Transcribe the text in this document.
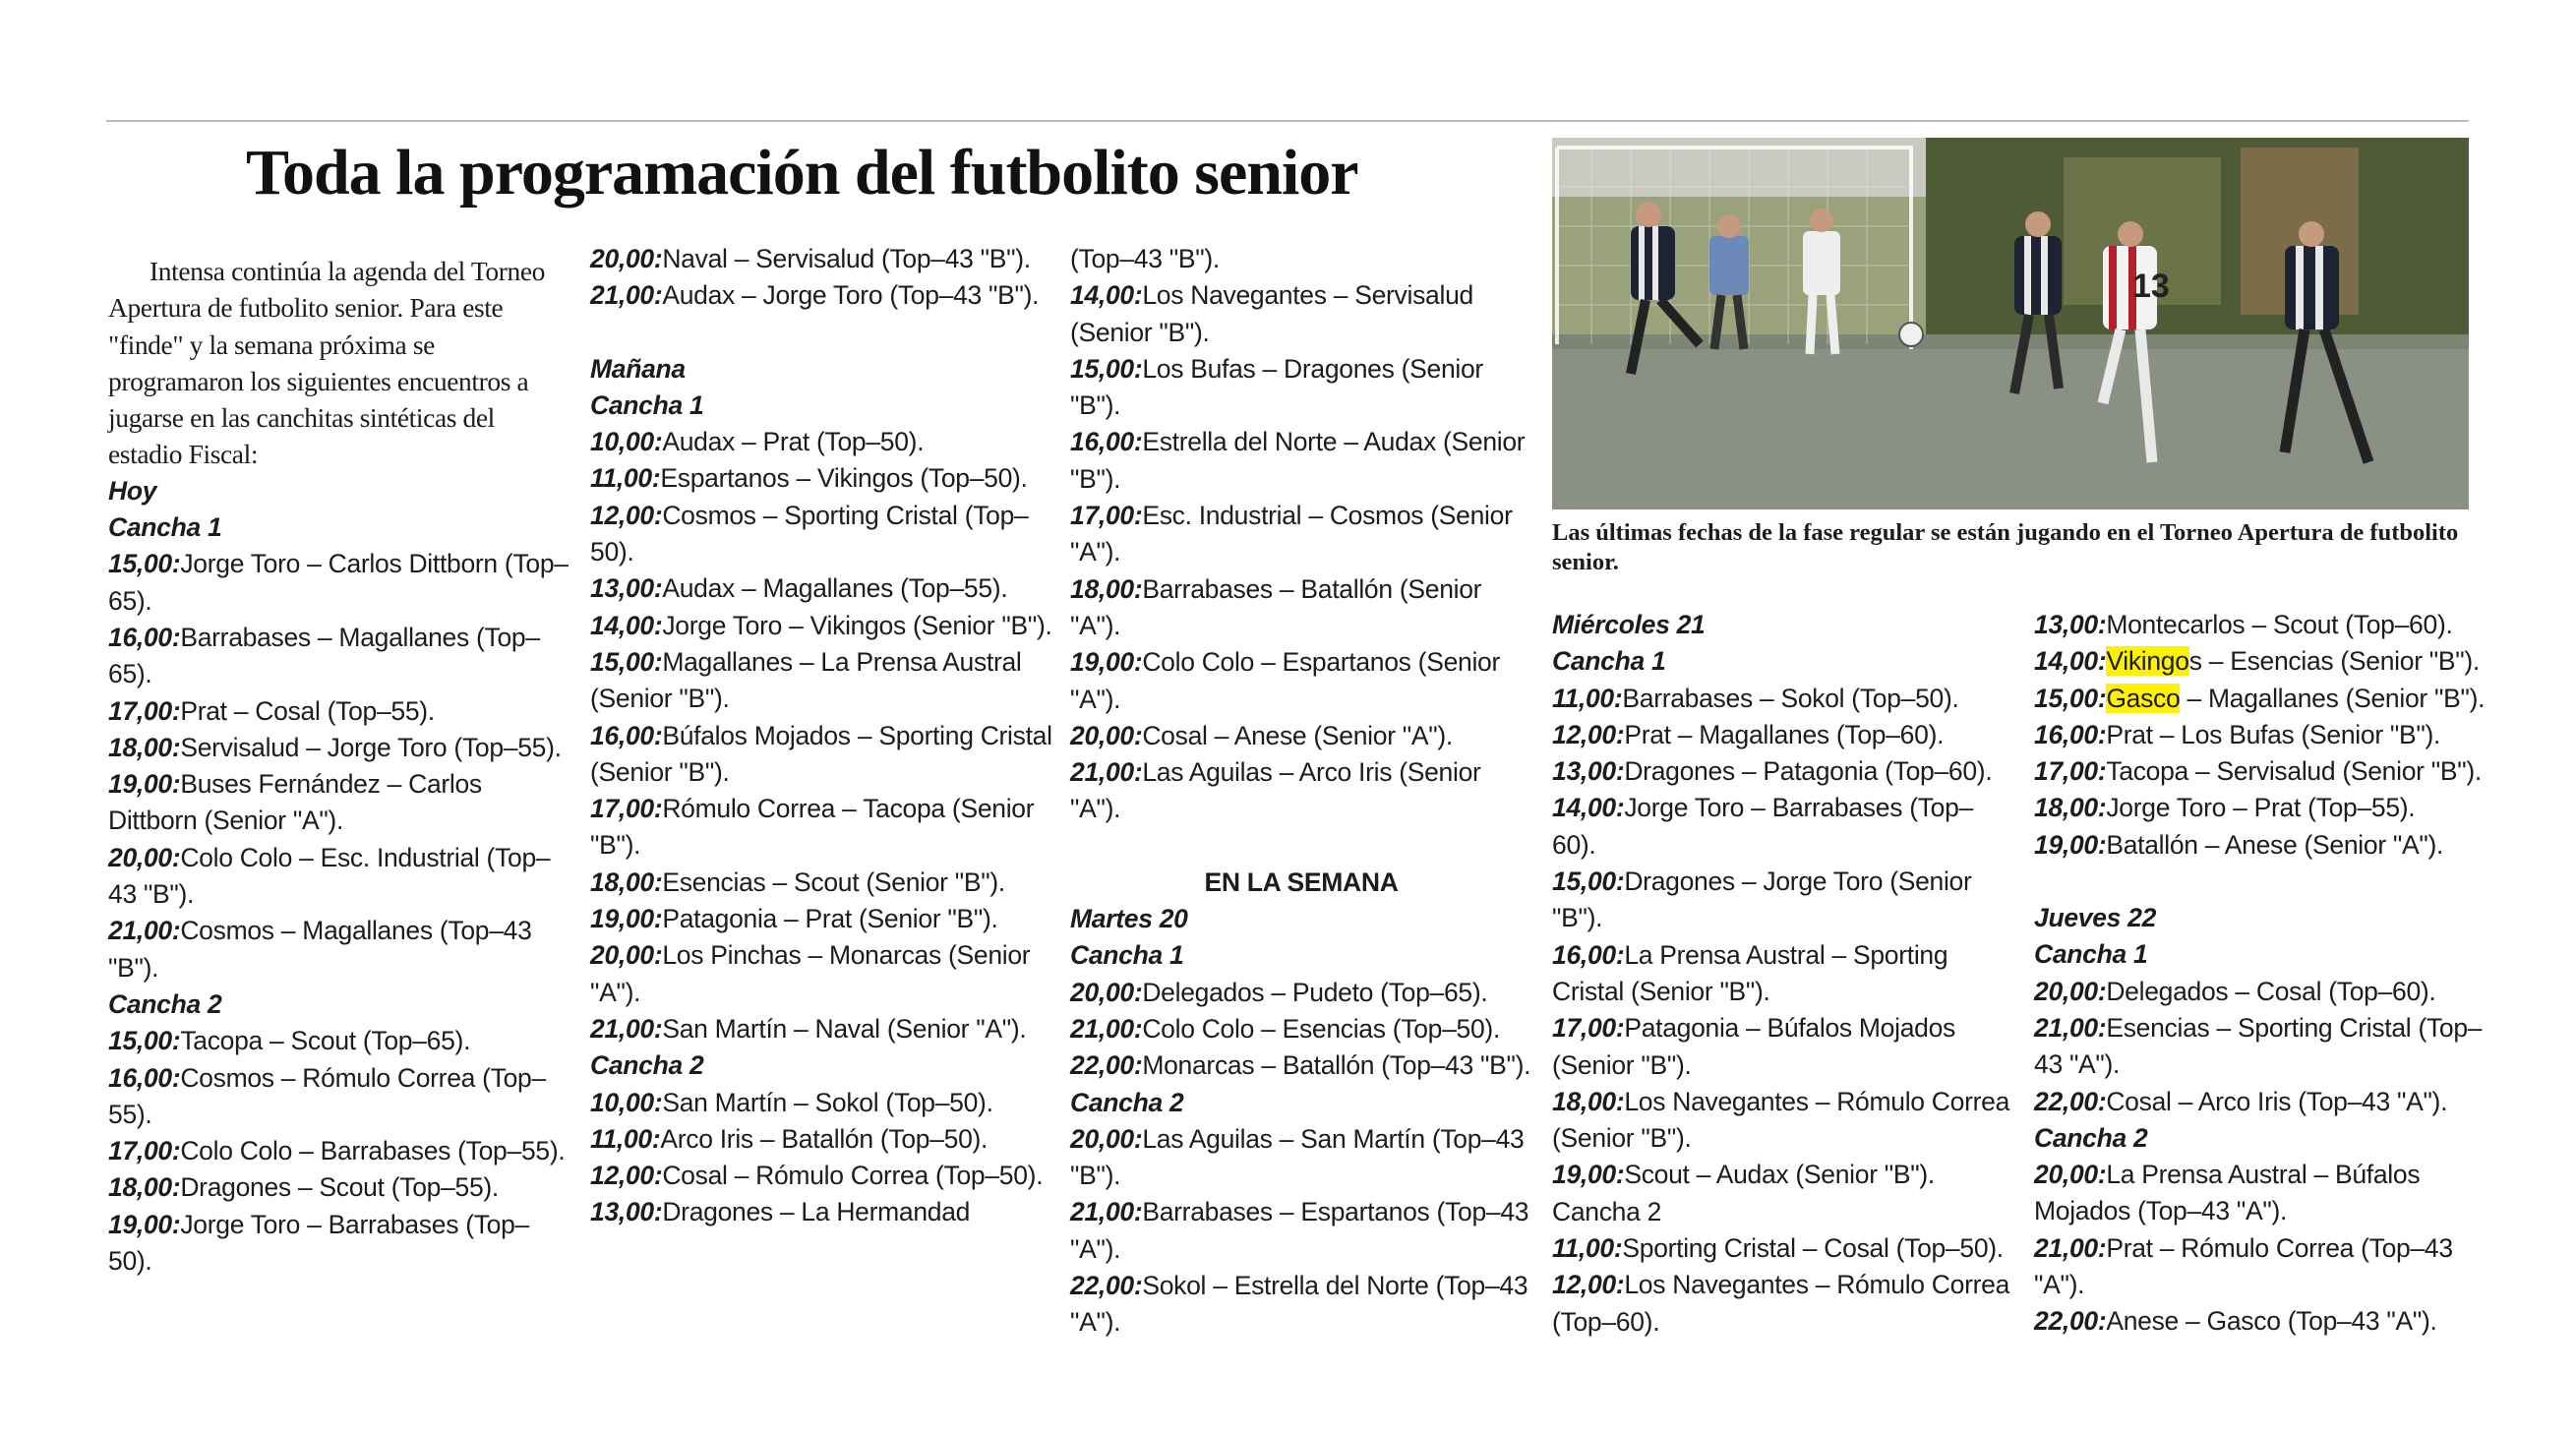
Toda la programación del futbolito senior

Intensa continúa la agenda del Torneo Apertura de futbolito senior. Para este "finde" y la semana próxima se programaron los siguientes encuentros a jugarse en las canchitas sintéticas del estadio Fiscal:

Hoy

Cancha 1

15,00:Jorge Toro – Carlos Dittborn (Top–65).

16,00:Barrabases – Magallanes (Top–65).

17,00:Prat – Cosal (Top–55).

18,00:Servisalud – Jorge Toro (Top–55).

19,00:Buses Fernández – Carlos Dittborn (Senior "A").

20,00:Colo Colo – Esc. Industrial (Top–43 "B").

21,00:Cosmos – Magallanes (Top–43 "B").

Cancha 2

15,00:Tacopa – Scout (Top–65).

16,00:Cosmos – Rómulo Correa (Top–55).

17,00:Colo Colo – Barrabases (Top–55).

18,00:Dragones – Scout (Top–55).

19,00:Jorge Toro – Barrabases (Top–50).

20,00:Naval – Servisalud (Top–43 "B").

21,00:Audax – Jorge Toro (Top–43 "B").

Mañana

Cancha 1

10,00:Audax – Prat (Top–50).

11,00:Espartanos – Vikingos (Top–50).

12,00:Cosmos – Sporting Cristal (Top–50).

13,00:Audax – Magallanes (Top–55).

14,00:Jorge Toro – Vikingos (Senior "B").

15,00:Magallanes – La Prensa Austral (Senior "B").

16,00:Búfalos Mojados – Sporting Cristal (Senior "B").

17,00:Rómulo Correa – Tacopa (Senior "B").

18,00:Esencias – Scout (Senior "B").

19,00:Patagonia – Prat (Senior "B").

20,00:Los Pinchas – Monarcas (Senior "A").

21,00:San Martín – Naval (Senior "A").

Cancha 2

10,00:San Martín – Sokol (Top–50).

11,00:Arco Iris – Batallón (Top–50).

12,00:Cosal – Rómulo Correa (Top–50).

13,00:Dragones – La Hermandad

(Top–43 "B").

14,00:Los Navegantes – Servisalud (Senior "B").

15,00:Los Bufas – Dragones (Senior "B").

16,00:Estrella del Norte – Audax (Senior "B").

17,00:Esc. Industrial – Cosmos (Senior "A").

18,00:Barrabases – Batallón (Senior "A").

19,00:Colo Colo – Espartanos (Senior "A").

20,00:Cosal – Anese (Senior "A").

21,00:Las Aguilas – Arco Iris (Senior "A").

EN LA SEMANA

Martes 20

Cancha 1

20,00:Delegados – Pudeto (Top–65).

21,00:Colo Colo – Esencias (Top–50).

22,00:Monarcas – Batallón (Top–43 "B").

Cancha 2

20,00:Las Aguilas – San Martín (Top–43 "B").

21,00:Barrabases – Espartanos (Top–43 "A").

22,00:Sokol – Estrella del Norte (Top–43 "A").

13

Las últimas fechas de la fase regular se están jugando en el Torneo Apertura de futbolito senior.

Miércoles 21

Cancha 1

11,00:Barrabases – Sokol (Top–50).

12,00:Prat – Magallanes (Top–60).

13,00:Dragones – Patagonia (Top–60).

14,00:Jorge Toro – Barrabases (Top–60).

15,00:Dragones – Jorge Toro (Senior "B").

16,00:La Prensa Austral – Sporting Cristal (Senior "B").

17,00:Patagonia – Búfalos Mojados (Senior "B").

18,00:Los Navegantes – Rómulo Correa (Senior "B").

19,00:Scout – Audax (Senior "B").

Cancha 2

11,00:Sporting Cristal – Cosal (Top–50).

12,00:Los Navegantes – Rómulo Correa (Top–60).

13,00:Montecarlos – Scout (Top–60).

14,00:Vikingos – Esencias (Senior "B").

15,00:Gasco – Magallanes (Senior "B").

16,00:Prat – Los Bufas (Senior "B").

17,00:Tacopa – Servisalud (Senior "B").

18,00:Jorge Toro – Prat (Top–55).

19,00:Batallón – Anese (Senior "A").

Jueves 22

Cancha 1

20,00:Delegados – Cosal (Top–60).

21,00:Esencias – Sporting Cristal (Top–43 "A").

22,00:Cosal – Arco Iris (Top–43 "A").

Cancha 2

20,00:La Prensa Austral – Búfalos Mojados (Top–43 "A").

21,00:Prat – Rómulo Correa (Top–43 "A").

22,00:Anese – Gasco (Top–43 "A").
